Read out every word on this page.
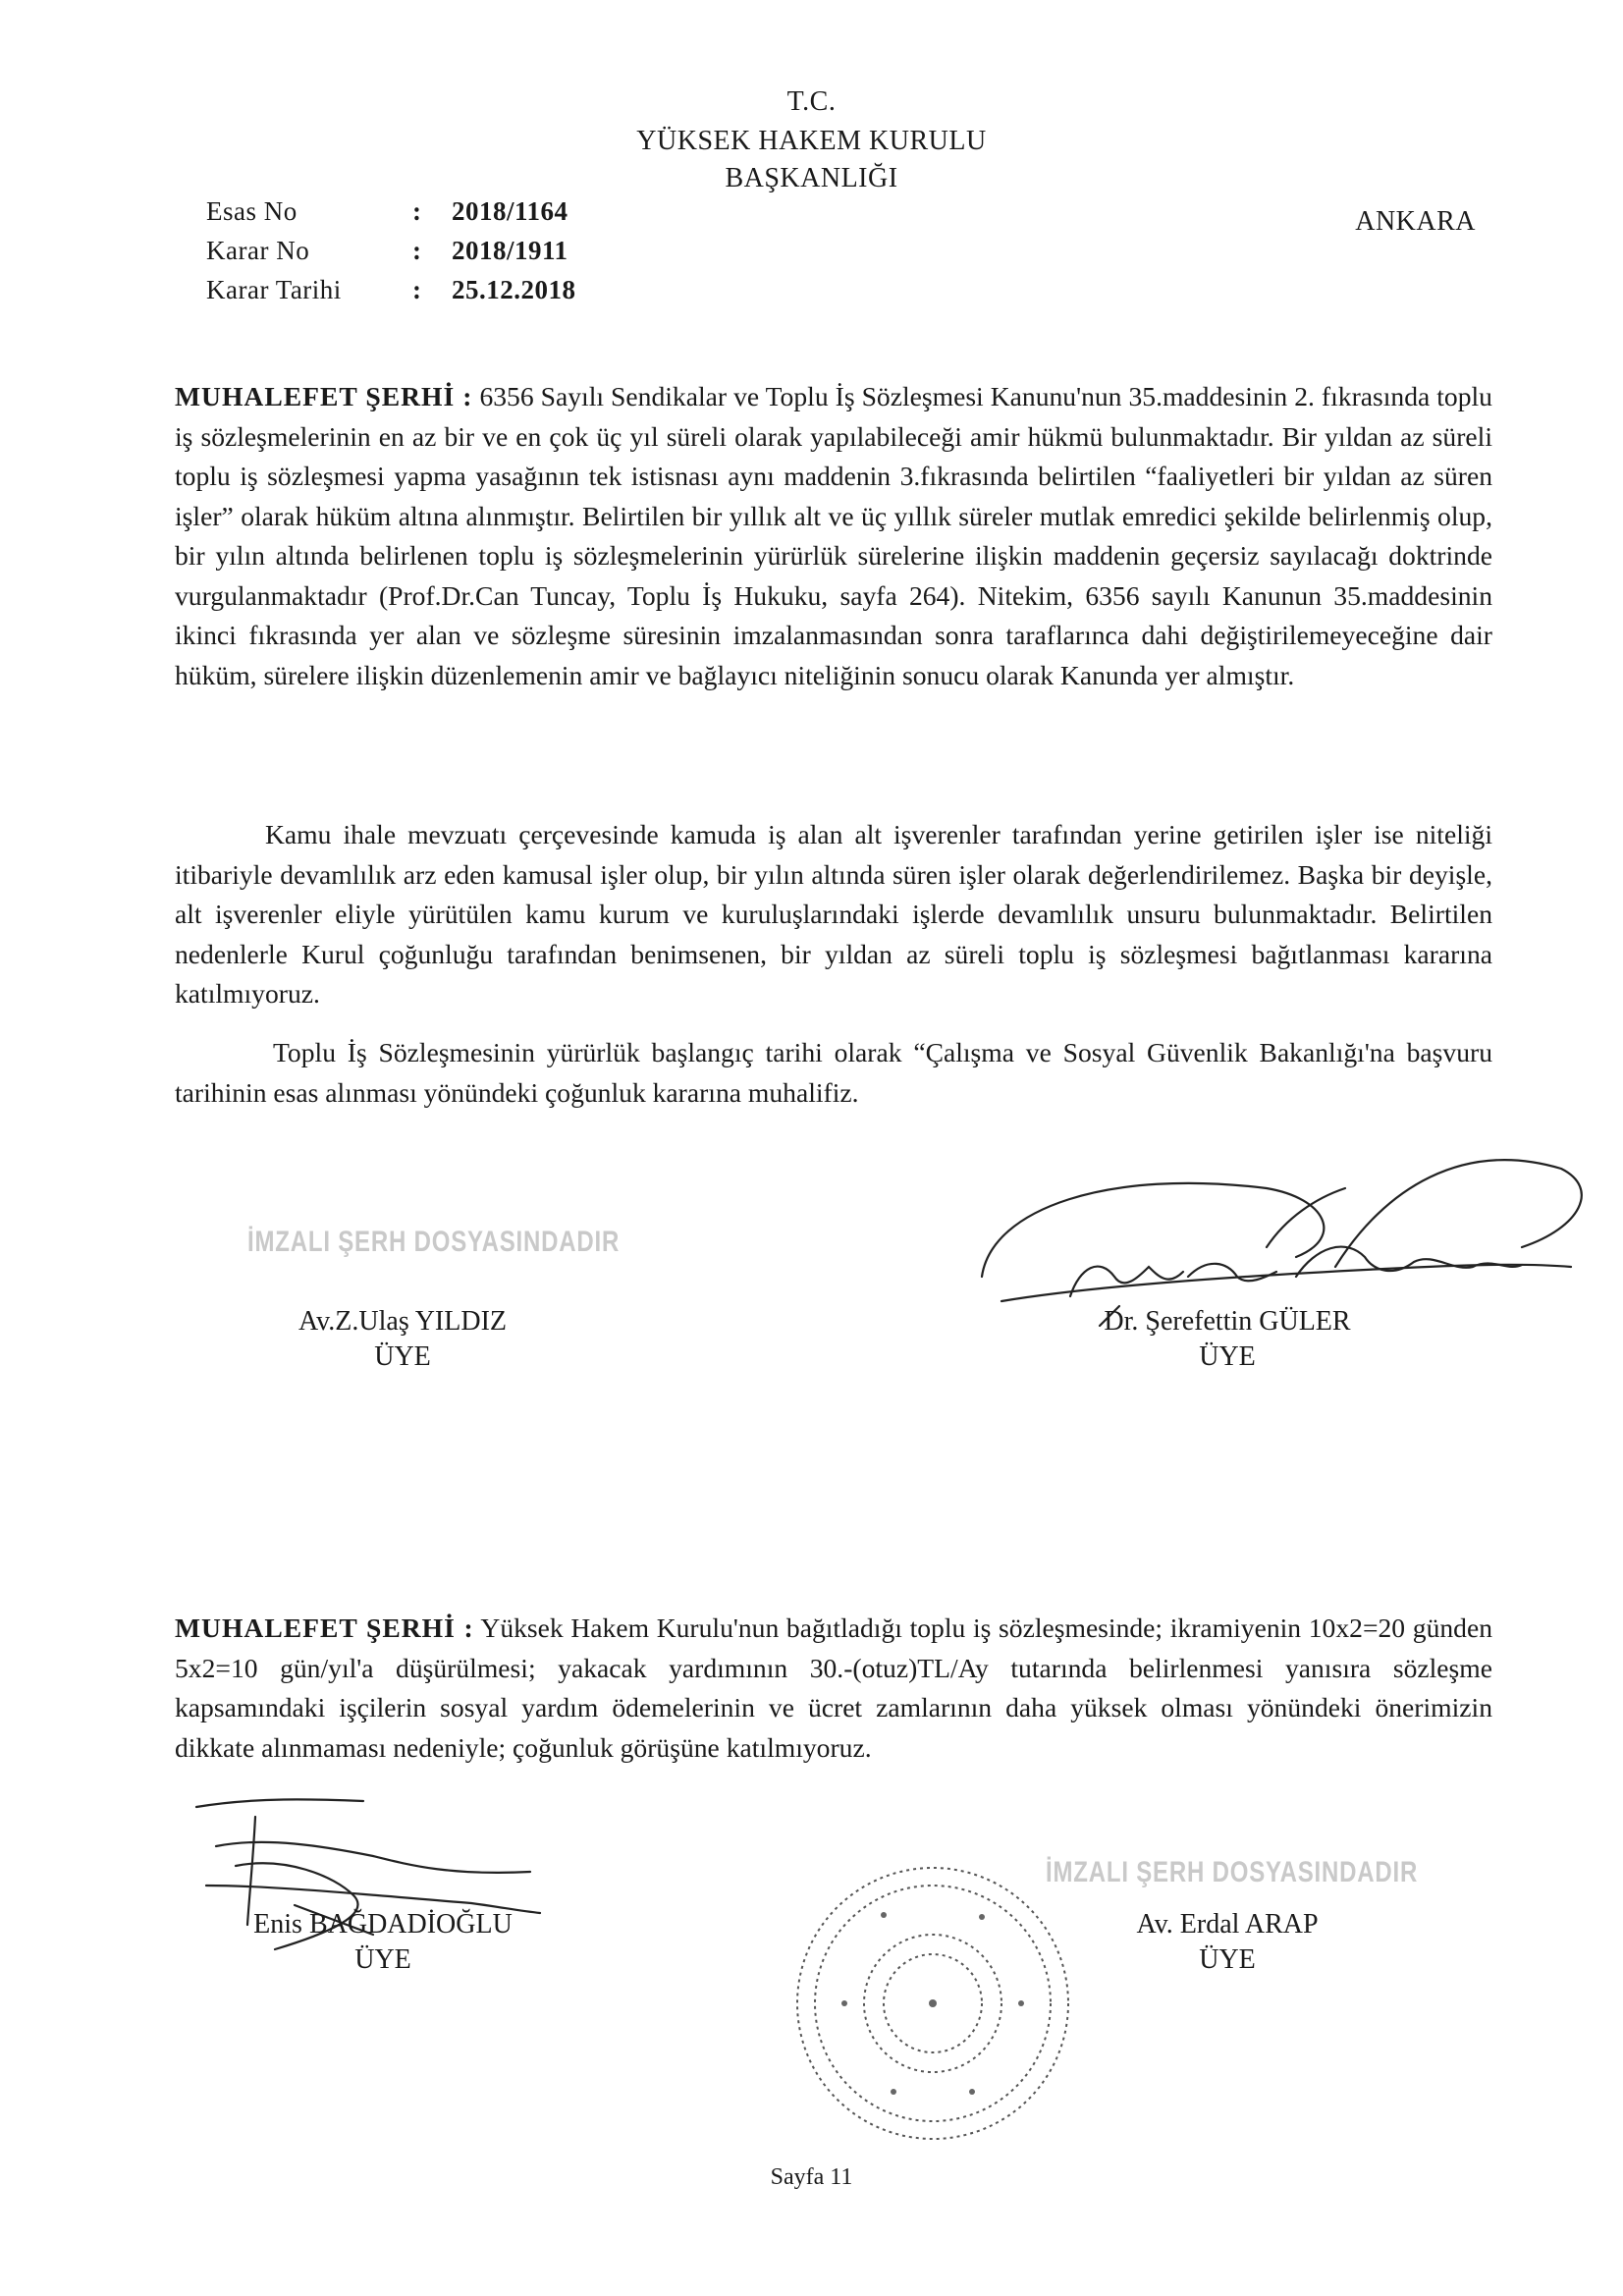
T.C.
YÜKSEK HAKEM KURULU
BAŞKANLIĞI
ANKARA
Esas No	: 2018/1164
Karar No	: 2018/1911
Karar Tarihi	: 25.12.2018

MUHALEFET ŞERHİ : 6356 Sayılı Sendikalar ve Toplu İş Sözleşmesi Kanunu'nun 35.maddesinin 2. fıkrasında toplu iş sözleşmelerinin en az bir ve en çok üç yıl süreli olarak yapılabileceği amir hükmü bulunmaktadır. Bir yıldan az süreli toplu iş sözleşmesi yapma yasağının tek istisnası aynı maddenin 3.fıkrasında belirtilen “faaliyetleri bir yıldan az süren işler” olarak hüküm altına alınmıştır. Belirtilen bir yıllık alt ve üç yıllık süreler mutlak emredici şekilde belirlenmiş olup, bir yılın altında belirlenen toplu iş sözleşmelerinin yürürlük sürelerine ilişkin maddenin geçersiz sayılacağı doktrinde vurgulanmaktadır (Prof.Dr.Can Tuncay, Toplu İş Hukuku, sayfa 264). Nitekim, 6356 sayılı Kanunun 35.maddesinin ikinci fıkrasında yer alan ve sözleşme süresinin imzalanmasından sonra taraflarınca dahi değiştirilemeyeceğine dair hüküm, sürelere ilişkin düzenlemenin amir ve bağlayıcı niteliğinin sonucu olarak Kanunda yer almıştır.

Kamu ihale mevzuatı çerçevesinde kamuda iş alan alt işverenler tarafından yerine getirilen işler ise niteliği itibariyle devamlılık arz eden kamusal işler olup, bir yılın altında süren işler olarak değerlendirilemez. Başka bir deyişle, alt işverenler eliyle yürütülen kamu kurum ve kuruluşlarındaki işlerde devamlılık unsuru bulunmaktadır. Belirtilen nedenlerle Kurul çoğunluğu tarafından benimsenen, bir yıldan az süreli toplu iş sözleşmesi bağıtlanması kararına katılmıyoruz.

Toplu İş Sözleşmesinin yürürlük başlangıç tarihi olarak “Çalışma ve Sosyal Güvenlik Bakanlığı'na başvuru tarihinin esas alınması yönündeki çoğunluk kararına muhalifiz.

İMZALI ŞERH DOSYASINDADIR
Av.Z.Ulaş YILDIZ
ÜYE
Dr. Şerefettin GÜLER
ÜYE

MUHALEFET ŞERHİ : Yüksek Hakem Kurulu'nun bağıtladığı toplu iş sözleşmesinde; ikramiyenin 10x2=20 günden 5x2=10 gün/yıl'a düşürülmesi; yakacak yardımının 30.-(otuz)TL/Ay tutarında belirlenmesi yanısıra sözleşme kapsamındaki işçilerin sosyal yardım ödemelerinin ve ücret zamlarının daha yüksek olması yönündeki önerimizin dikkate alınmaması nedeniyle; çoğunluk görüşüne katılmıyoruz.

Enis BAĞDADİOĞLU
ÜYE
İMZALI ŞERH DOSYASINDADIR
Av. Erdal ARAP
ÜYE
Sayfa 11
